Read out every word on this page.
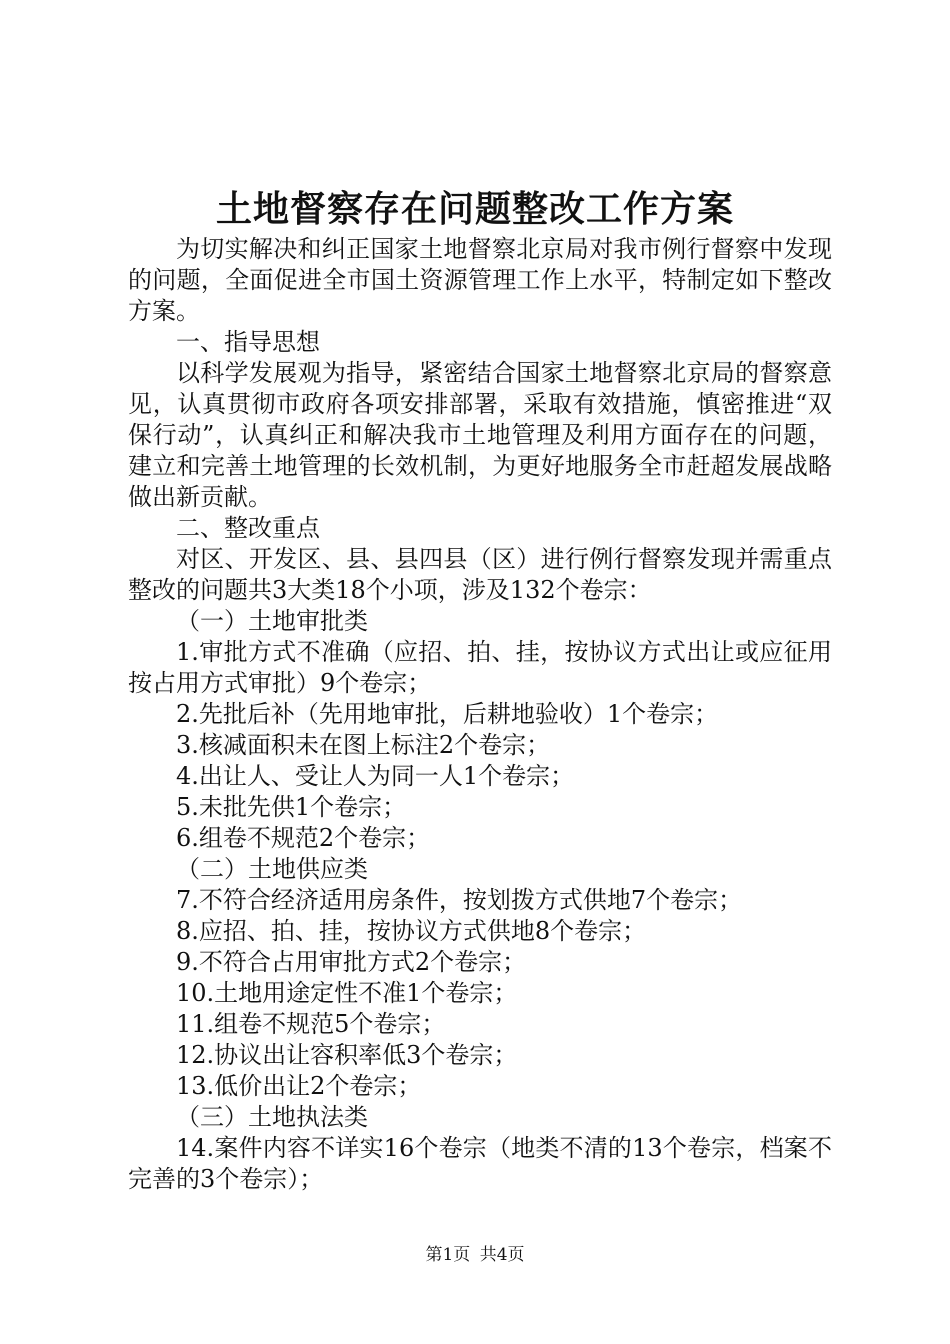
土地督察存在问题整改工作方案

为切实解决和纠正国家土地督察北京局对我市例行督察中发现的问题，全面促进全市国土资源管理工作上水平，特制定如下整改方案。

一、指导思想

以科学发展观为指导，紧密结合国家土地督察北京局的督察意见，认真贯彻市政府各项安排部署，采取有效措施，慎密推进“双保行动”，认真纠正和解决我市土地管理及利用方面存在的问题，建立和完善土地管理的长效机制，为更好地服务全市赶超发展战略做出新贡献。

二、整改重点

对区、开发区、县、县四县（区）进行例行督察发现并需重点整改的问题共3大类18个小项，涉及132个卷宗：

（一）土地审批类

1.审批方式不准确（应招、拍、挂，按协议方式出让或应征用按占用方式审批）9个卷宗；

2.先批后补（先用地审批，后耕地验收）1个卷宗；

3.核减面积未在图上标注2个卷宗；

4.出让人、受让人为同一人1个卷宗；

5.未批先供1个卷宗；

6.组卷不规范2个卷宗；

（二）土地供应类

7.不符合经济适用房条件，按划拨方式供地7个卷宗；

8.应招、拍、挂，按协议方式供地8个卷宗；

9.不符合占用审批方式2个卷宗；

10.土地用途定性不准1个卷宗；

11.组卷不规范5个卷宗；

12.协议出让容积率低3个卷宗；

13.低价出让2个卷宗；

（三）土地执法类

14.案件内容不详实16个卷宗（地类不清的13个卷宗，档案不完善的3个卷宗）；

第1页 共4页
